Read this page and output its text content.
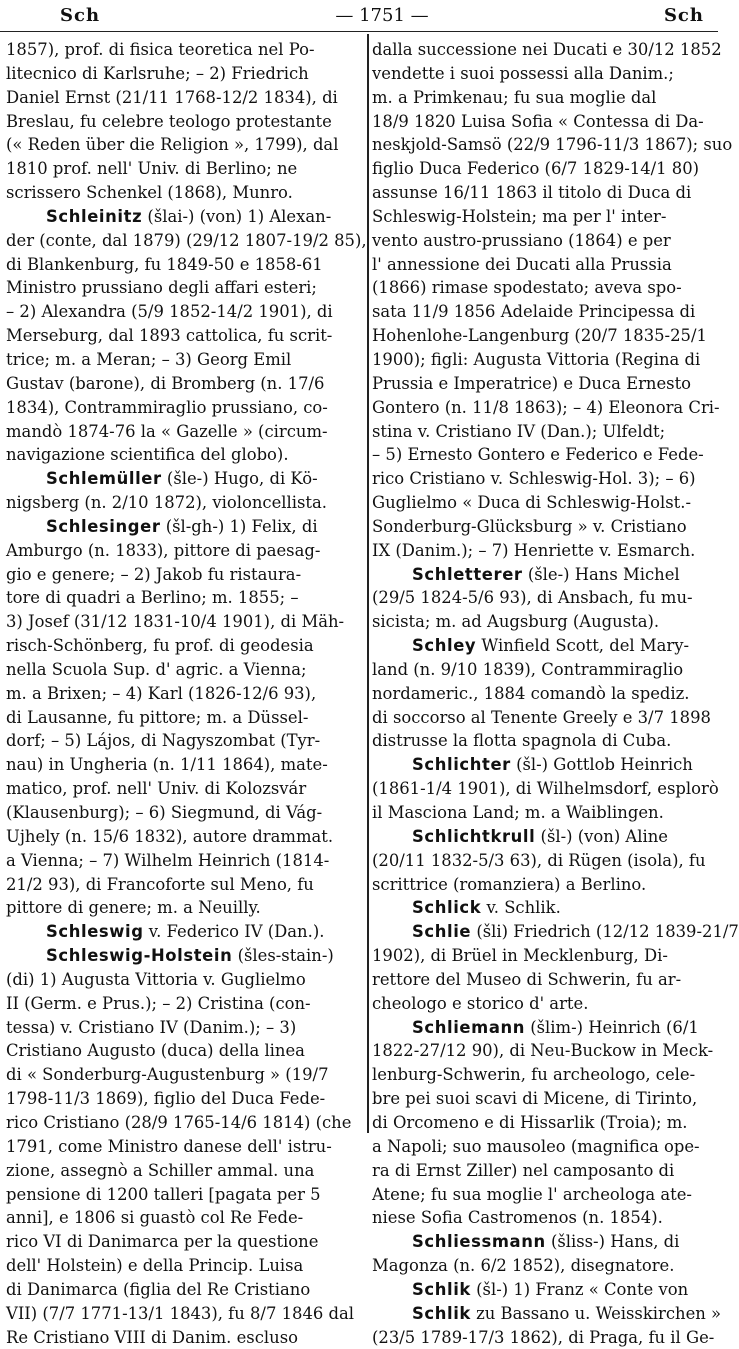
Sch	— 1751 —	Sch
1857), prof. di fisica teoretica nel Po-
litecnico di Karlsruhe; – 2) Friedrich
Daniel Ernst (21/11 1768-12/2 1834), di
Breslau, fu celebre teologo protestante
(« Reden über die Religion », 1799), dal
1810 prof. nell' Univ. di Berlino; ne
scrissero Schenkel (1868), Munro.
Schleinitz (šlai-) (von) 1) Alexan-
der (conte, dal 1879) (29/12 1807-19/2 85),
di Blankenburg, fu 1849-50 e 1858-61
Ministro prussiano degli affari esteri;
– 2) Alexandra (5/9 1852-14/2 1901), di
Merseburg, dal 1893 cattolica, fu scrit-
trice; m. a Meran; – 3) Georg Emil
Gustav (barone), di Bromberg (n. 17/6
1834), Contrammiraglio prussiano, co-
mandò 1874-76 la « Gazelle » (circum-
navigazione scientifica del globo).
Schlemüller (šle-) Hugo, di Kö-
nigsberg (n. 2/10 1872), violoncellista.
Schlesinger (šl-gh-) 1) Felix, di
Amburgo (n. 1833), pittore di paesag-
gio e genere; – 2) Jakob fu ristaura-
tore di quadri a Berlino; m. 1855; –
3) Josef (31/12 1831-10/4 1901), di Mäh-
risch-Schönberg, fu prof. di geodesia
nella Scuola Sup. d' agric. a Vienna;
m. a Brixen; – 4) Karl (1826-12/6 93),
di Lausanne, fu pittore; m. a Düssel-
dorf; – 5) Lájos, di Nagyszombat (Tyr-
nau) in Ungheria (n. 1/11 1864), mate-
matico, prof. nell' Univ. di Kolozsvár
(Klausenburg); – 6) Siegmund, di Vág-
Ujhely (n. 15/6 1832), autore drammat.
a Vienna; – 7) Wilhelm Heinrich (1814-
21/2 93), di Francoforte sul Meno, fu
pittore di genere; m. a Neuilly.
Schleswig v. Federico IV (Dan.).
Schleswig-Holstein (šles-stain-)
(di) 1) Augusta Vittoria v. Guglielmo
II (Germ. e Prus.); – 2) Cristina (con-
tessa) v. Cristiano IV (Danim.); – 3)
Cristiano Augusto (duca) della linea
di « Sonderburg-Augustenburg » (19/7
1798-11/3 1869), figlio del Duca Fede-
rico Cristiano (28/9 1765-14/6 1814) (che
1791, come Ministro danese dell' istru-
zione, assegnò a Schiller ammal. una
pensione di 1200 talleri [pagata per 5
anni], e 1806 si guastò col Re Fede-
rico VI di Danimarca per la questione
dell' Holstein) e della Princip. Luisa
di Danimarca (figlia del Re Cristiano
VII) (7/7 1771-13/1 1843), fu 8/7 1846 dal
Re Cristiano VIII di Danim. escluso
dalla successione nei Ducati e 30/12 1852
vendette i suoi possessi alla Danim.;
m. a Primkenau; fu sua moglie dal
18/9 1820 Luisa Sofia « Contessa di Da-
neskjold-Samsö (22/9 1796-11/3 1867); suo
figlio Duca Federico (6/7 1829-14/1 80)
assunse 16/11 1863 il titolo di Duca di
Schleswig-Holstein; ma per l' inter-
vento austro-prussiano (1864) e per
l' annessione dei Ducati alla Prussia
(1866) rimase spodestato; aveva spo-
sata 11/9 1856 Adelaide Principessa di
Hohenlohe-Langenburg (20/7 1835-25/1
1900); figli: Augusta Vittoria (Regina di
Prussia e Imperatrice) e Duca Ernesto
Gontero (n. 11/8 1863); – 4) Eleonora Cri-
stina v. Cristiano IV (Dan.); Ulfeldt;
– 5) Ernesto Gontero e Federico e Fede-
rico Cristiano v. Schleswig-Hol. 3); – 6)
Guglielmo « Duca di Schleswig-Holst.-
Sonderburg-Glücksburg » v. Cristiano
IX (Danim.); – 7) Henriette v. Esmarch.
Schletterer (šle-) Hans Michel
(29/5 1824-5/6 93), di Ansbach, fu mu-
sicista; m. ad Augsburg (Augusta).
Schley Winfield Scott, del Mary-
land (n. 9/10 1839), Contrammiraglio
nordameric., 1884 comandò la spediz.
di soccorso al Tenente Greely e 3/7 1898
distrusse la flotta spagnola di Cuba.
Schlichter (šl-) Gottlob Heinrich
(1861-1/4 1901), di Wilhelmsdorf, esplorò
il Masciona Land; m. a Waiblingen.
Schlichtkrull (šl-) (von) Aline
(20/11 1832-5/3 63), di Rügen (isola), fu
scrittrice (romanziera) a Berlino.
Schlick v. Schlik.
Schlie (šli) Friedrich (12/12 1839-21/7
1902), di Brüel in Mecklenburg, Di-
rettore del Museo di Schwerin, fu ar-
cheologo e storico d' arte.
Schliemann (šlim-) Heinrich (6/1
1822-27/12 90), di Neu-Buckow in Meck-
lenburg-Schwerin, fu archeologo, cele-
bre pei suoi scavi di Micene, di Tirinto,
di Orcomeno e di Hissarlik (Troia); m.
a Napoli; suo mausoleo (magnifica ope-
ra di Ernst Ziller) nel camposanto di
Atene; fu sua moglie l' archeologa ate-
niese Sofia Castromenos (n. 1854).
Schliessmann (šliss-) Hans, di
Magonza (n. 6/2 1852), disegnatore.
Schlik (šl-) 1) Franz « Conte von
Schlik zu Bassano u. Weisskirchen »
(23/5 1789-17/3 1862), di Praga, fu il Ge-
